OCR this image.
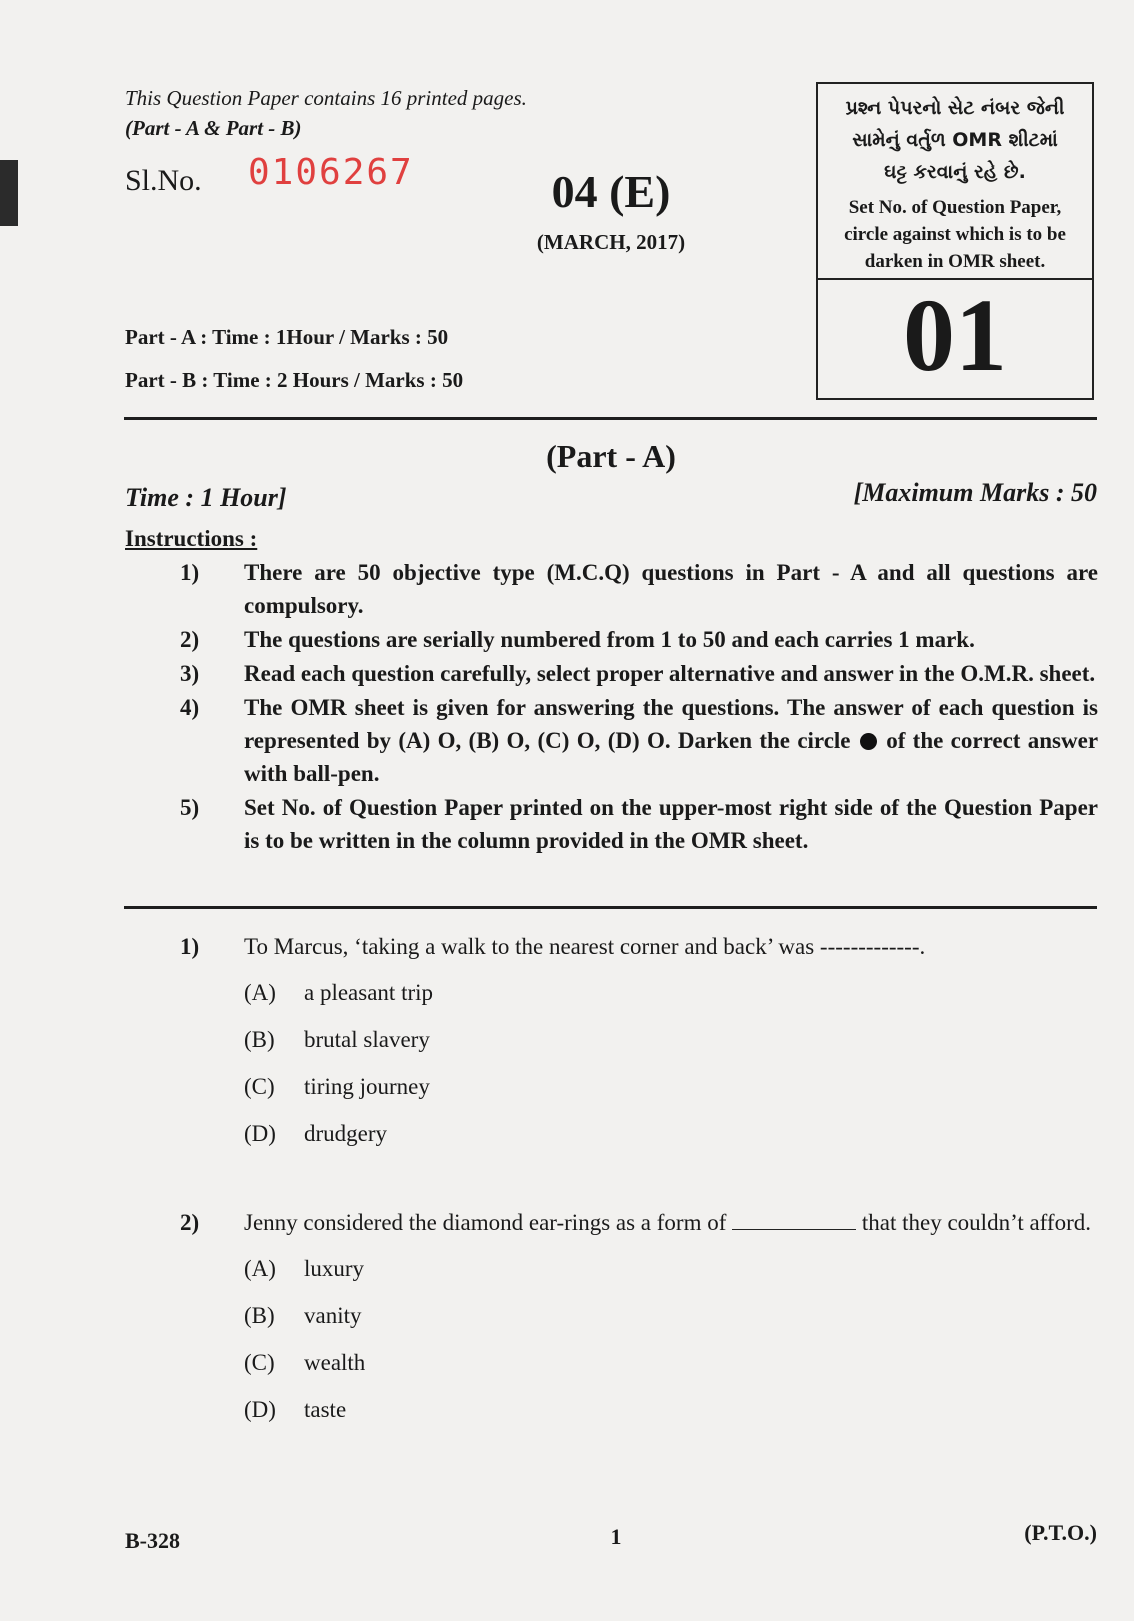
This Question Paper contains 16 printed pages.
(Part - A & Part - B)
Sl.No. 0106267	04 (E)
(MARCH, 2017)
પ્રશ્ન પેપરનો સેટ નંબર જેની
સામેનું વર્તુળ OMR શીટમાં
ઘટ્ટ કરવાનું રહે છે.
Set No. of Question Paper,
circle against which is to be
darken in OMR sheet.
01
Part - A : Time : 1Hour / Marks : 50
Part - B : Time : 2 Hours / Marks : 50
(Part - A)
Time : 1 Hour]	[Maximum Marks : 50
Instructions :
1)	There are 50 objective type (M.C.Q) questions in Part - A and all questions are compulsory.
2)	The questions are serially numbered from 1 to 50 and each carries 1 mark.
3)	Read each question carefully, select proper alternative and answer in the O.M.R. sheet.
4)	The OMR sheet is given for answering the questions. The answer of each question is represented by (A) O, (B) O, (C) O, (D) O. Darken the circle of the correct answer with ball-pen.
5)	Set No. of Question Paper printed on the upper-most right side of the Question Paper is to be written in the column provided in the OMR sheet.
1)	To Marcus, ‘taking a walk to the nearest corner and back’ was -------------.
(A)	a pleasant trip
(B)	brutal slavery
(C)	tiring journey
(D)	drudgery
2)	Jenny considered the diamond ear-rings as a form of	that they couldn’t afford.
(A)	luxury
(B)	vanity
(C)	wealth
(D)	taste
B-328	1	(P.T.O.)
